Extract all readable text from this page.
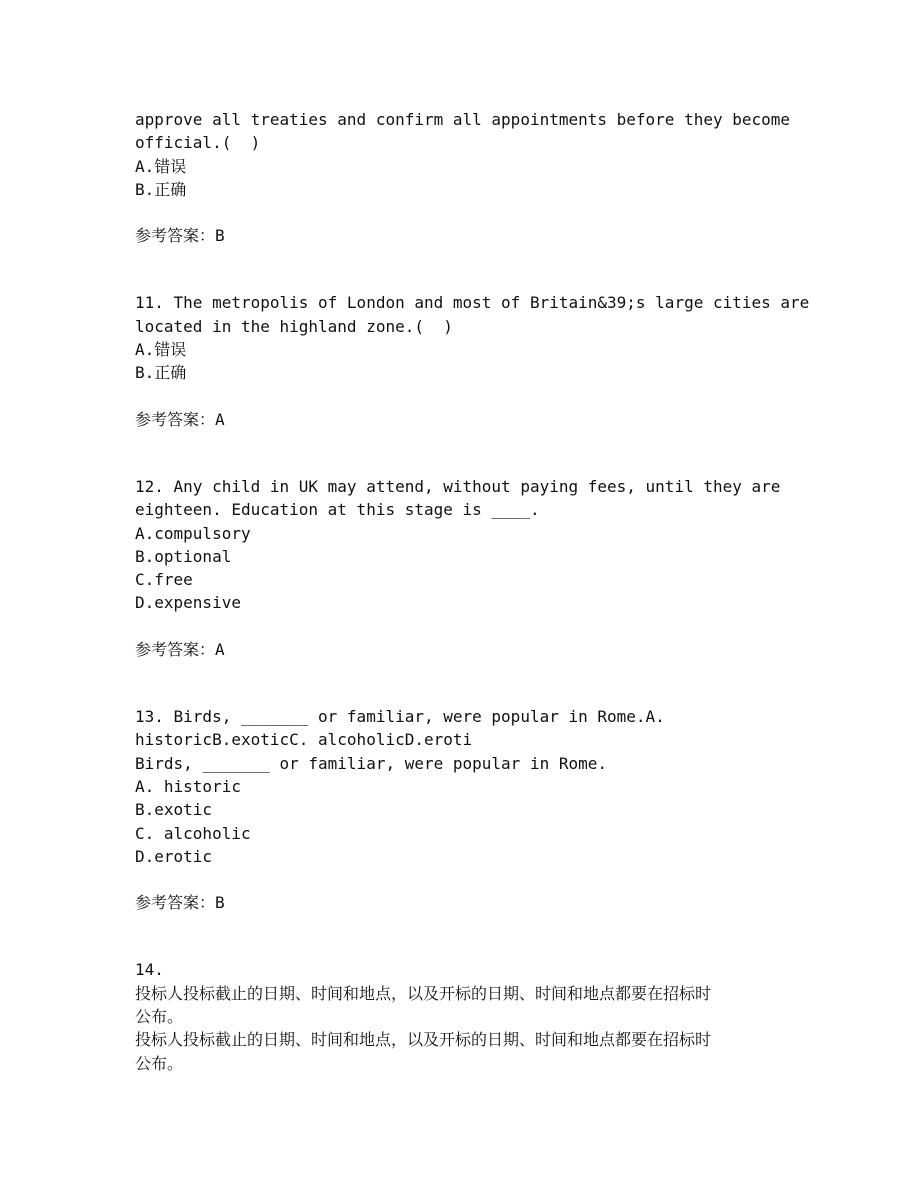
approve all treaties and confirm all appointments before they become
official.(  )
A.错误
B.正确
参考答案：B
11. The metropolis of London and most of Britain&39;s large cities are
located in the highland zone.(  )
A.错误
B.正确
参考答案：A
12. Any child in UK may attend, without paying fees, until they are
eighteen. Education at this stage is ____.
A.compulsory
B.optional
C.free
D.expensive
参考答案：A
13. Birds, _______ or familiar, were popular in Rome.A.
historicB.exoticC. alcoholicD.eroti
Birds, _______ or familiar, were popular in Rome.
A. historic
B.exotic
C. alcoholic
D.erotic
参考答案：B
14.
投标人投标截止的日期、时间和地点，以及开标的日期、时间和地点都要在招标时
公布。
投标人投标截止的日期、时间和地点，以及开标的日期、时间和地点都要在招标时
公布。
